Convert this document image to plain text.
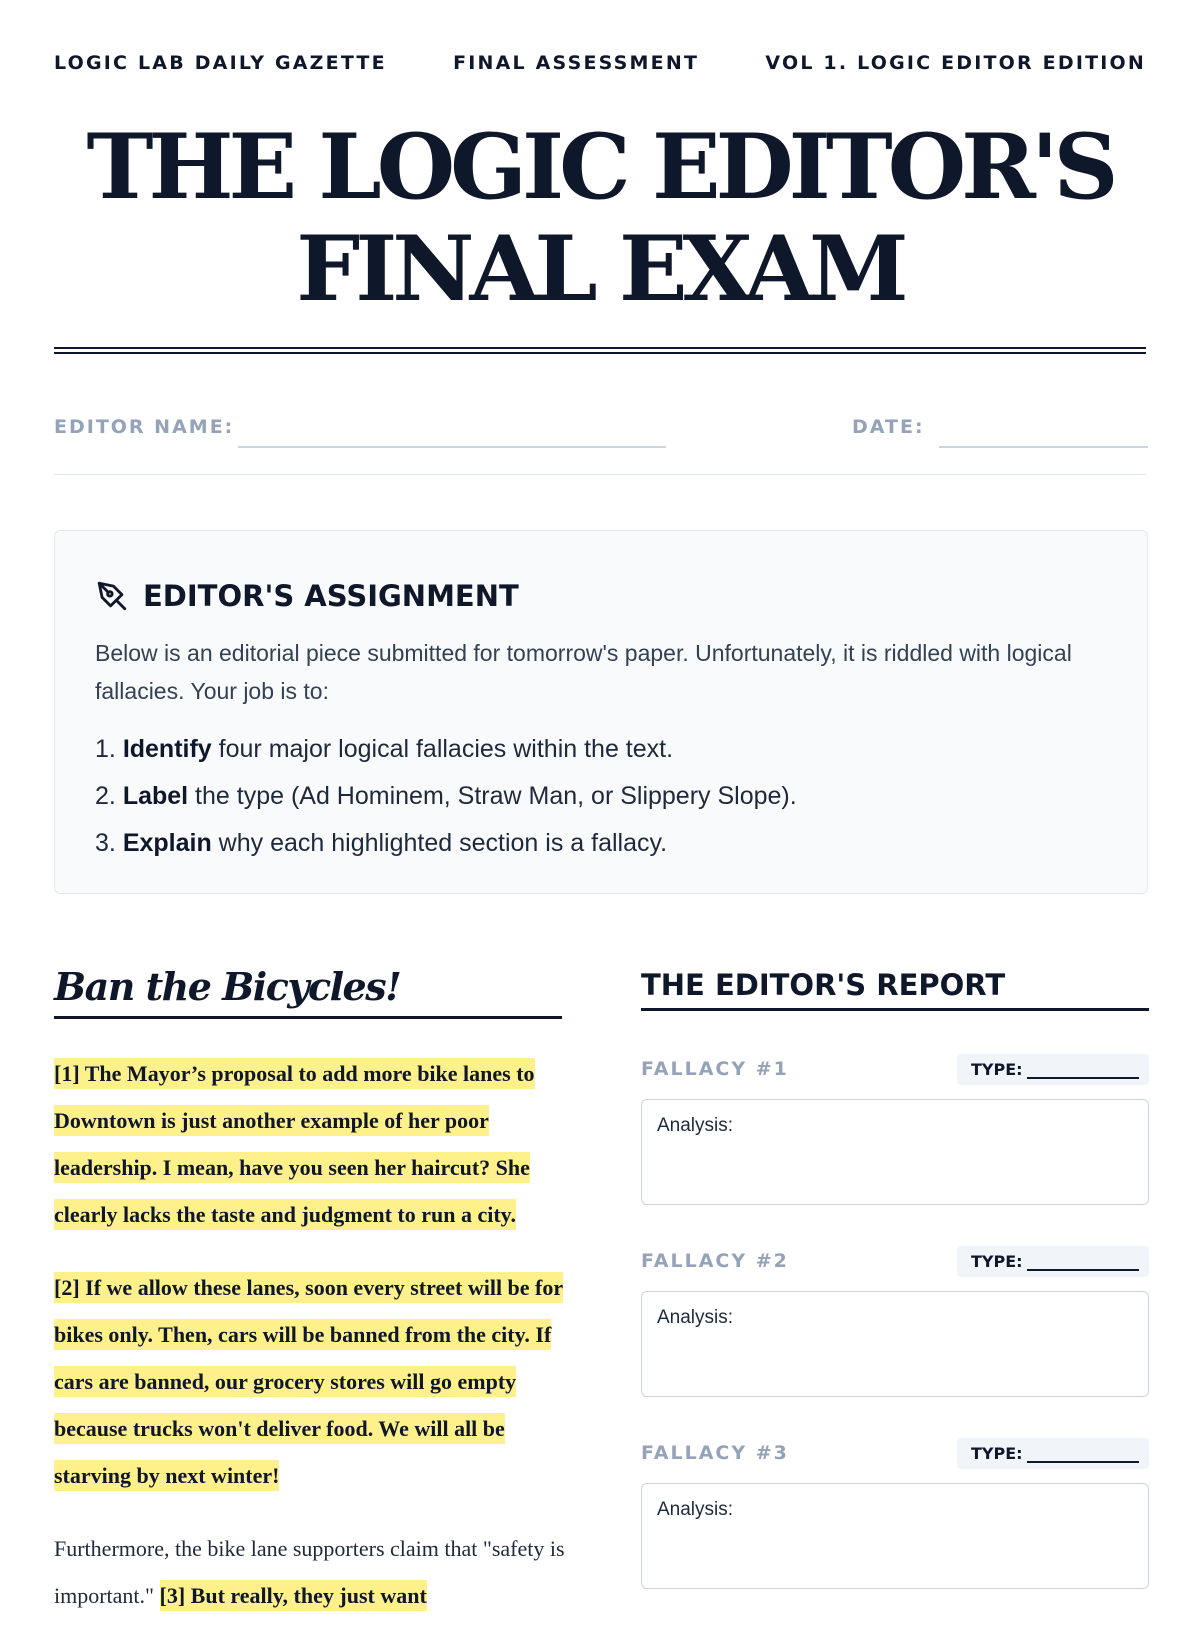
LOGIC LAB DAILY GAZETTE	FINAL ASSESSMENT	VOL 1. LOGIC EDITOR EDITION
THE LOGIC EDITOR'S
FINAL EXAM
EDITOR NAME:	DATE:
EDITOR'S ASSIGNMENT

Below is an editorial piece submitted for tomorrow's paper. Unfortunately, it is riddled with logical fallacies. Your job is to:

1. Identify four major logical fallacies within the text.
2. Label the type (Ad Hominem, Straw Man, or Slippery Slope).
3. Explain why each highlighted section is a fallacy.
Ban the Bicycles!

[1] The Mayor’s proposal to add more bike lanes to Downtown is just another example of her poor leadership. I mean, have you seen her haircut? She clearly lacks the taste and judgment to run a city.

[2] If we allow these lanes, soon every street will be for bikes only. Then, cars will be banned from the city. If cars are banned, our grocery stores will go empty because trucks won't deliver food. We will all be starving by next winter!

Furthermore, the bike lane supporters claim that "safety is important." [3] But really, they just want

THE EDITOR'S REPORT
FALLACY #1	TYPE:
Analysis:
FALLACY #2	TYPE:
Analysis:
FALLACY #3	TYPE:
Analysis:
